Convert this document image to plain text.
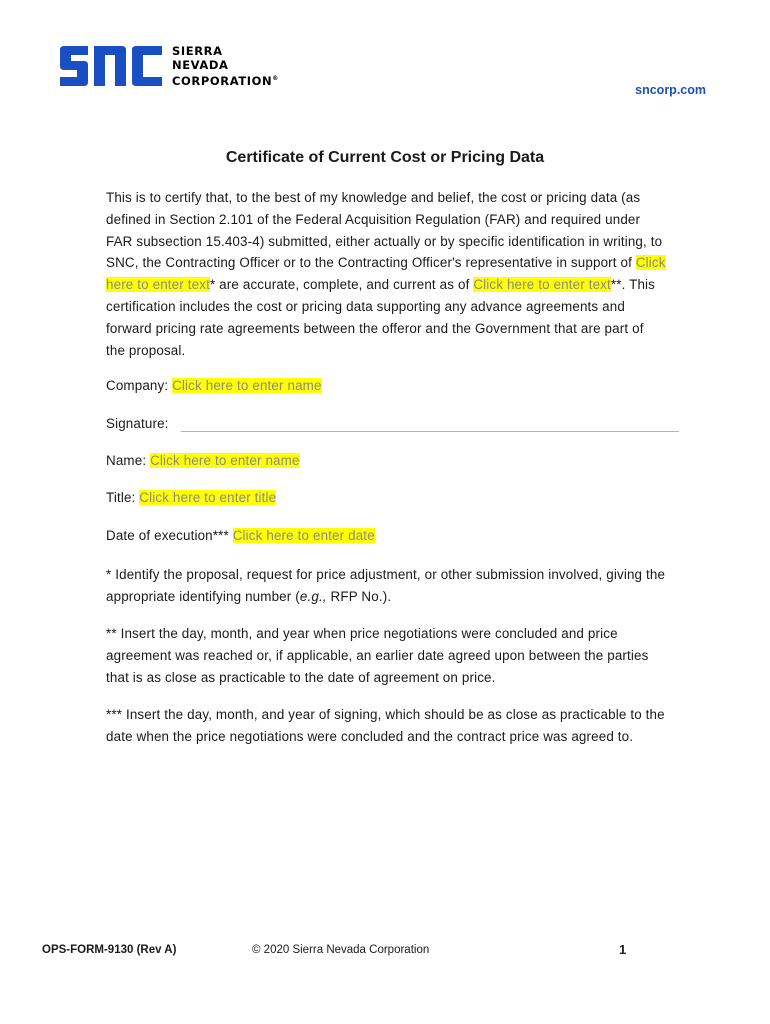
SIERRA
NEVADA
CORPORATION®
sncorp.com
Certificate of Current Cost or Pricing Data
This is to certify that, to the best of my knowledge and belief, the cost or pricing data (as defined in Section 2.101 of the Federal Acquisition Regulation (FAR) and required under FAR subsection 15.403-4) submitted, either actually or by specific identification in writing, to SNC, the Contracting Officer or to the Contracting Officer's representative in support of Click here to enter text* are accurate, complete, and current as of Click here to enter text**. This certification includes the cost or pricing data supporting any advance agreements and forward pricing rate agreements between the offeror and the Government that are part of the proposal.
Company: Click here to enter name
Signature:
Name: Click here to enter name
Title: Click here to enter title
Date of execution*** Click here to enter date
* Identify the proposal, request for price adjustment, or other submission involved, giving the appropriate identifying number (e.g., RFP No.).
** Insert the day, month, and year when price negotiations were concluded and price agreement was reached or, if applicable, an earlier date agreed upon between the parties that is as close as practicable to the date of agreement on price.
*** Insert the day, month, and year of signing, which should be as close as practicable to the date when the price negotiations were concluded and the contract price was agreed to.
OPS-FORM-9130 (Rev A)	© 2020 Sierra Nevada Corporation	1
